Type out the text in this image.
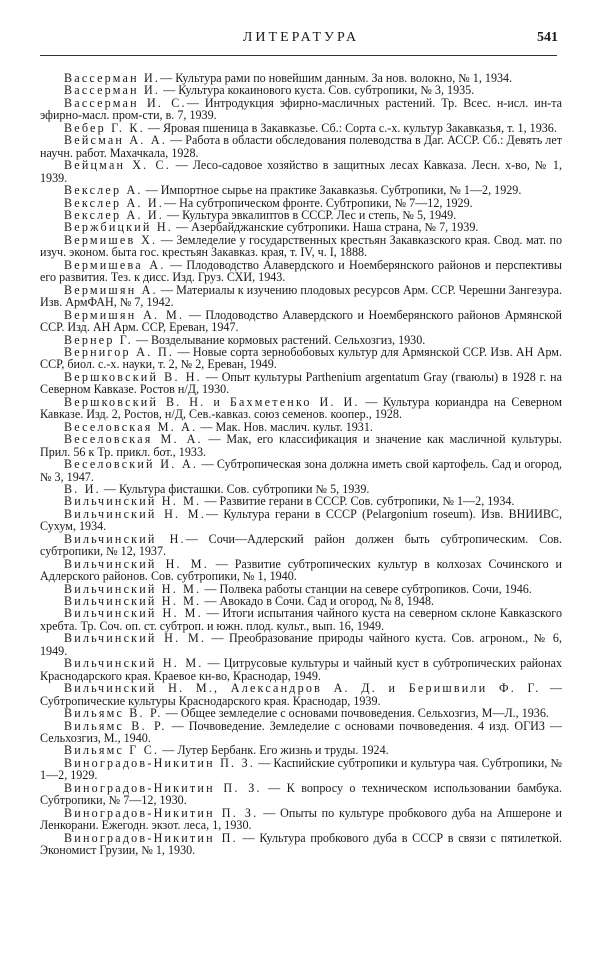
ЛИТЕРАТУРА	541

Вассерман И.— Культура рами по новейшим данным. За нов. волокно, № 1, 1934.

Вассерман И. — Культура кокаинового куста. Сов. субтропики, № 3, 1935.

Вассерман И. С.— Интродукция эфирно-масличных растений. Тр. Всес. н-исл. ин-та эфирно-масл. пром-сти, в. 7, 1939.

Вебер Г. К. — Яровая пшеница в Закавказье. Сб.: Сорта с.-х. культур Закавказья, т. 1, 1936.

Вейсман А. А. — Работа в области обследования полеводства в Даг. АССР. Сб.: Девять лет научн. работ. Махачкала, 1928.

Вейцман Х. С. — Лесо-садовое хозяйство в защитных лесах Кавказа. Лесн. х-во, № 1, 1939.

Векслер А. — Импортное сырье на практике Закавказья. Субтропики, № 1—2, 1929.

Векслер А. И.— На субтропическом фронте. Субтропики, № 7—12, 1929.

Векслер А. И. — Культура эвкалиптов в СССР. Лес и степь, № 5, 1949.

Вержбицкий Н. — Азербайджанские субтропики. Наша страна, № 7, 1939.

Вермишев Х. — Земледелие у государственных крестьян Закавказского края. Свод. мат. по изуч. эконом. быта гос. крестьян Закавказ. края, т. IV, ч. I, 1888.

Вермишева А. — Плодоводство Алавердского и Ноемберянского районов и перспективы его развития. Тез. к дисс. Изд. Груз. СХИ, 1943.

Вермишян А. — Материалы к изучению плодовых ресурсов Арм. ССР. Черешни Зангезура. Изв. АрмФАН, № 7, 1942.

Вермишян А. М. — Плодоводство Алавердского и Ноемберянского районов Армянской ССР. Изд. АН Арм. ССР, Ереван, 1947.

Вернер Г. — Возделывание кормовых растений. Сельхозгиз, 1930.

Вернигор А. П. — Новые сорта зернобобовых культур для Армянской ССР. Изв. АН Арм. ССР, биол. с.-х. науки, т. 2, № 2, Ереван, 1949.

Вершковский В. Н. — Опыт культуры Parthenium argentatum Gray (гваюлы) в 1928 г. на Северном Кавказе. Ростов н/Д, 1930.

Вершковский В. Н. и Бахметенко И. И. — Культура кориандра на Северном Кавказе. Изд. 2, Ростов, н/Д, Сев.-кавказ. союз семенов. коопер., 1928.

Веселовская М. А. — Мак. Нов. маслич. культ. 1931.

Веселовская М. А. — Мак, его классификация и значение как масличной культуры. Прил. 56 к Тр. прикл. бот., 1933.

Веселовский И. А. — Субтропическая зона должна иметь свой картофель. Сад и огород, № 3, 1947.

В. И. — Культура фисташки. Сов. субтропики № 5, 1939.

Вильчинский Н. М. — Развитие герани в СССР. Сов. субтропики, № 1—2, 1934.

Вильчинский Н. М.— Культура герани в СССР (Pelargonium roseum). Изв. ВНИИВС, Сухум, 1934.

Вильчинский Н.— Сочи—Адлерский район должен быть субтропическим. Сов. субтропики, № 12, 1937.

Вильчинский Н. М. — Развитие субтропических культур в колхозах Сочинского и Адлерского районов. Сов. субтропики, № 1, 1940.

Вильчинский Н. М. — Полвека работы станции на севере субтропиков. Сочи, 1946.

Вильчинский Н. М. — Авокадо в Сочи. Сад и огород, № 8, 1948.

Вильчинский Н. М. — Итоги испытания чайного куста на северном склоне Кавказского хребта. Тр. Соч. оп. ст. субтроп. и южн. плод. культ., вып. 16, 1949.

Вильчинский Н. М. — Преобразование природы чайного куста. Сов. агроном., № 6, 1949.

Вильчинский Н. М. — Цитрусовые культуры и чайный куст в субтропических районах Краснодарского края. Краевое кн-во, Краснодар, 1949.

Вильчинский Н. М., Александров А. Д. и Беришвили Ф. Г. — Субтропические культуры Краснодарского края. Краснодар, 1939.

Вильямс В. Р. — Общее земледелие с основами почвоведения. Сельхозгиз, М—Л., 1936.

Вильямс В. Р. — Почвоведение. Земледелие с основами почвоведения. 4 изд. ОГИЗ — Сельхозгиз, М., 1940.

Вильямс Г С. — Лутер Бербанк. Его жизнь и труды. 1924.

Виноградов-Никитин П. З. — Каспийские субтропики и культура чая. Субтропики, № 1—2, 1929.

Виноградов-Никитин П. З. — К вопросу о техническом использовании бамбука. Субтропики, № 7—12, 1930.

Виноградов-Никитин П. З. — Опыты по культуре пробкового дуба на Апшероне и Ленкорани. Ежегодн. экзот. леса, 1, 1930.

Виноградов-Никитин П. — Культура пробкового дуба в СССР в связи с пятилеткой. Экономист Грузии, № 1, 1930.
